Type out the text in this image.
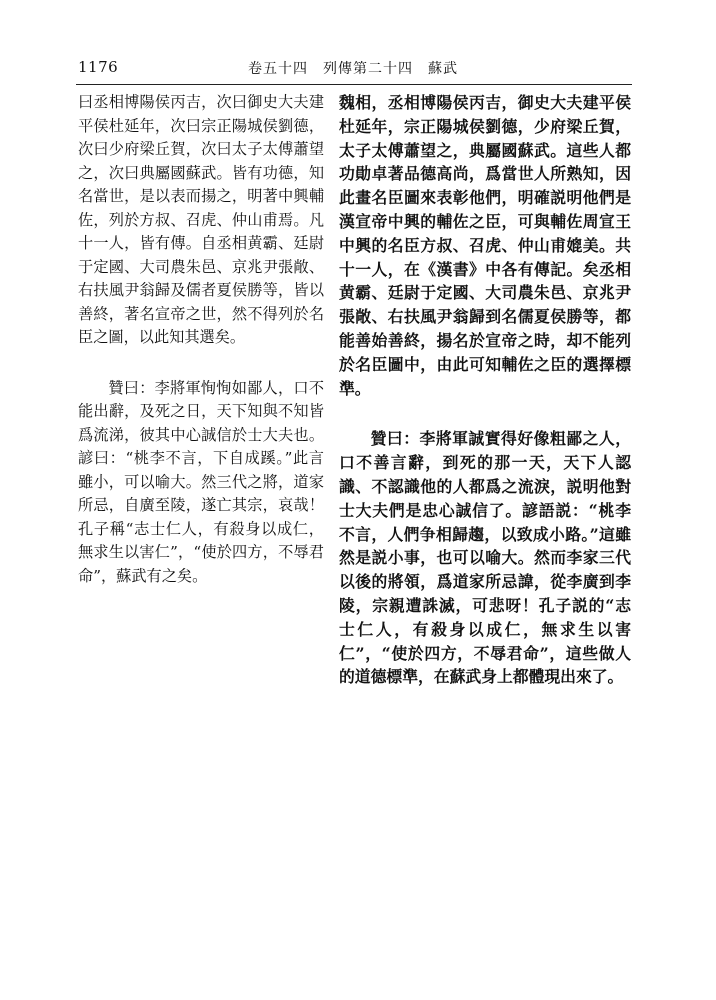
1176	卷五十四　列傳第二十四　蘇武

曰丞相博陽侯丙吉，次曰御史大夫建平侯杜延年，次曰宗正陽城侯劉德，次曰少府梁丘賀，次曰太子太傅蕭望之，次曰典屬國蘇武。皆有功德，知名當世，是以表而揚之，明著中興輔佐，列於方叔、召虎、仲山甫焉。凡十一人，皆有傳。自丞相黄霸、廷尉于定國、大司農朱邑、京兆尹張敞、右扶風尹翁歸及儒者夏侯勝等，皆以善終，著名宣帝之世，然不得列於名臣之圖，以此知其選矣。

贊曰：李將軍恂恂如鄙人，口不能出辭，及死之日，天下知與不知皆爲流涕，彼其中心誠信於士大夫也。諺曰：“桃李不言，下自成蹊。”此言雖小，可以喻大。然三代之將，道家所忌，自廣至陵，遂亡其宗，哀哉！孔子稱“志士仁人，有殺身以成仁，無求生以害仁”，“使於四方，不辱君命”，蘇武有之矣。

魏相，丞相博陽侯丙吉，御史大夫建平侯杜延年，宗正陽城侯劉德，少府梁丘賀，太子太傅蕭望之，典屬國蘇武。這些人都功勛卓著品德高尚，爲當世人所熟知，因此畫名臣圖來表彰他們，明確説明他們是漢宣帝中興的輔佐之臣，可與輔佐周宣王中興的名臣方叔、召虎、仲山甫媲美。共十一人，在《漢書》中各有傳記。矣丞相黄霸、廷尉于定國、大司農朱邑、京兆尹張敞、右扶風尹翁歸到名儒夏侯勝等，都能善始善終，揚名於宣帝之時，却不能列於名臣圖中，由此可知輔佐之臣的選擇標準。

贊曰：李將軍誠實得好像粗鄙之人，口不善言辭，到死的那一天，天下人認識、不認識他的人都爲之流淚，説明他對士大夫們是忠心誠信了。諺語説：“桃李不言，人們争相歸趨，以致成小路。”這雖然是説小事，也可以喻大。然而李家三代以後的將領，爲道家所忌諱，從李廣到李陵，宗親遭誅滅，可悲呀！孔子説的“志士仁人，有殺身以成仁，無求生以害仁”，“使於四方，不辱君命”，這些做人的道德標準，在蘇武身上都體現出來了。
